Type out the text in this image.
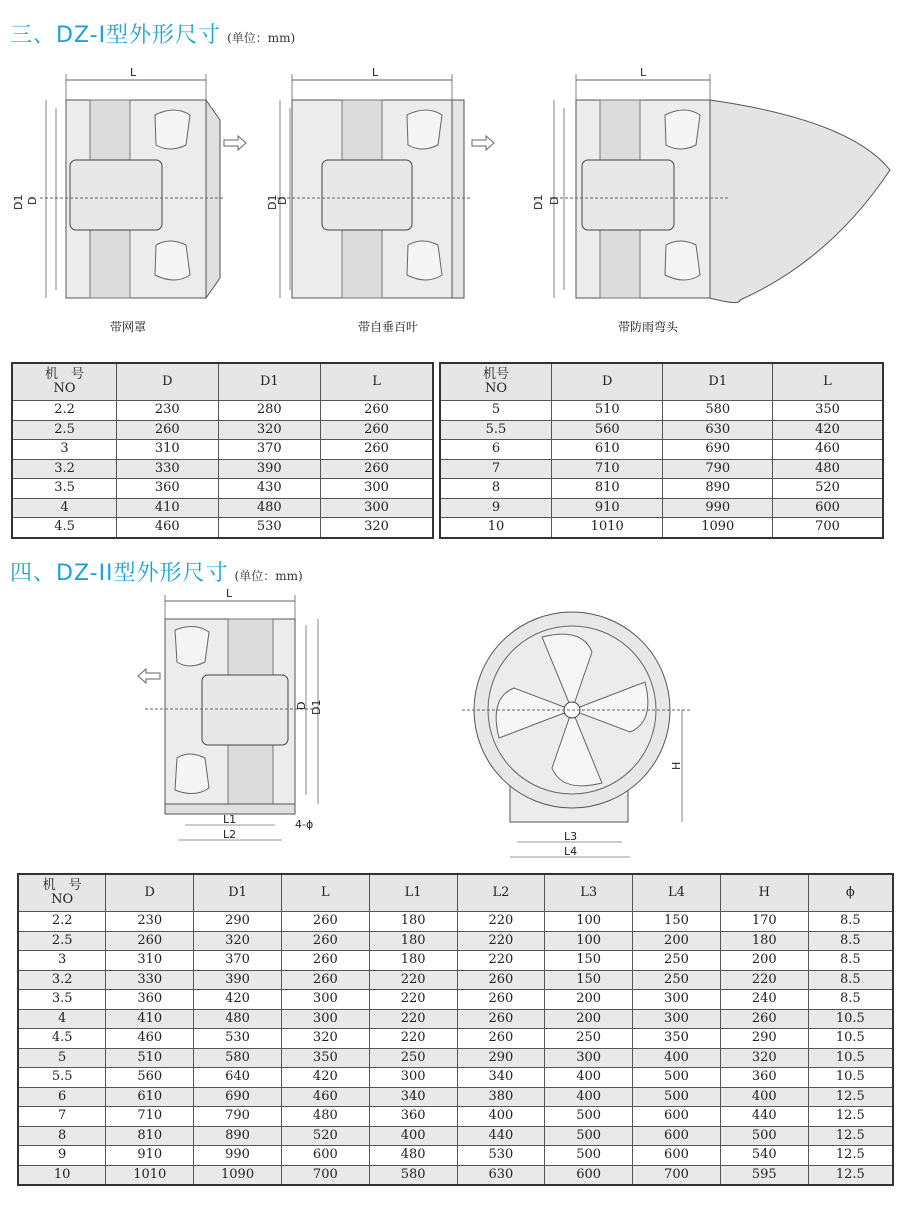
三、DZ-I型外形尺寸 (单位：mm)
L
D1 D
带网罩
L
D1
D
带自垂百叶
L
D1 D
带防雨弯头
机　号
NO	D	D1	L
2.2	230	280	260
2.5	260	320	260
3	310	370	260
3.2	330	390	260
3.5	360	430	300
4	410	480	300
4.5	460	530	320
机号
NO	D	D1	L
5	510	580	350
5.5	560	630	420
6	610	690	460
7	710	790	480
8	810	890	520
9	910	990	600
10	1010	1090	700
四、DZ-II型外形尺寸 (单位：mm)
L
D D1
L1
L2
4-ϕ
H
L3
L4
机　号
NO	D	D1	L	L1	L2	L3	L4	H	ϕ
2.2	230	290	260	180	220	100	150	170	8.5
2.5	260	320	260	180	220	100	200	180	8.5
3	310	370	260	180	220	150	250	200	8.5
3.2	330	390	260	220	260	150	250	220	8.5
3.5	360	420	300	220	260	200	300	240	8.5
4	410	480	300	220	260	200	300	260	10.5
4.5	460	530	320	220	260	250	350	290	10.5
5	510	580	350	250	290	300	400	320	10.5
5.5	560	640	420	300	340	400	500	360	10.5
6	610	690	460	340	380	400	500	400	12.5
7	710	790	480	360	400	500	600	440	12.5
8	810	890	520	400	440	500	600	500	12.5
9	910	990	600	480	530	500	600	540	12.5
10	1010	1090	700	580	630	600	700	595	12.5
